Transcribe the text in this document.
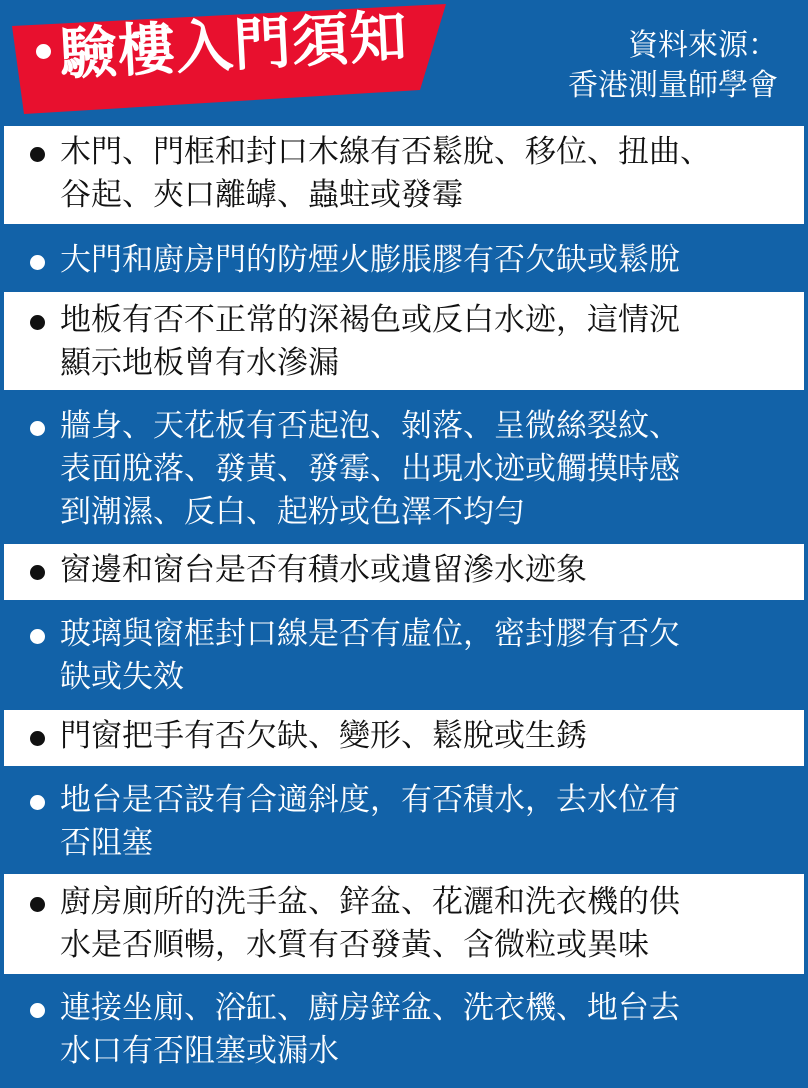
驗樓入門須知	資料來源：
香港測量師學會
木門、門框和封口木線有否鬆脫、移位、扭曲、
谷起、夾口離罅、蟲蛀或發霉
大門和廚房門的防煙火膨脹膠有否欠缺或鬆脫
地板有否不正常的深褐色或反白水迹，這情況
顯示地板曾有水滲漏
牆身、天花板有否起泡、剝落、呈微絲裂紋、
表面脫落、發黃、發霉、出現水迹或觸摸時感
到潮濕、反白、起粉或色澤不均勻
窗邊和窗台是否有積水或遺留滲水迹象
玻璃與窗框封口線是否有虛位，密封膠有否欠
缺或失效
門窗把手有否欠缺、變形、鬆脫或生銹
地台是否設有合適斜度，有否積水，去水位有
否阻塞
廚房廁所的洗手盆、鋅盆、花灑和洗衣機的供
水是否順暢，水質有否發黃、含微粒或異味
連接坐廁、浴缸、廚房鋅盆、洗衣機、地台去
水口有否阻塞或漏水
